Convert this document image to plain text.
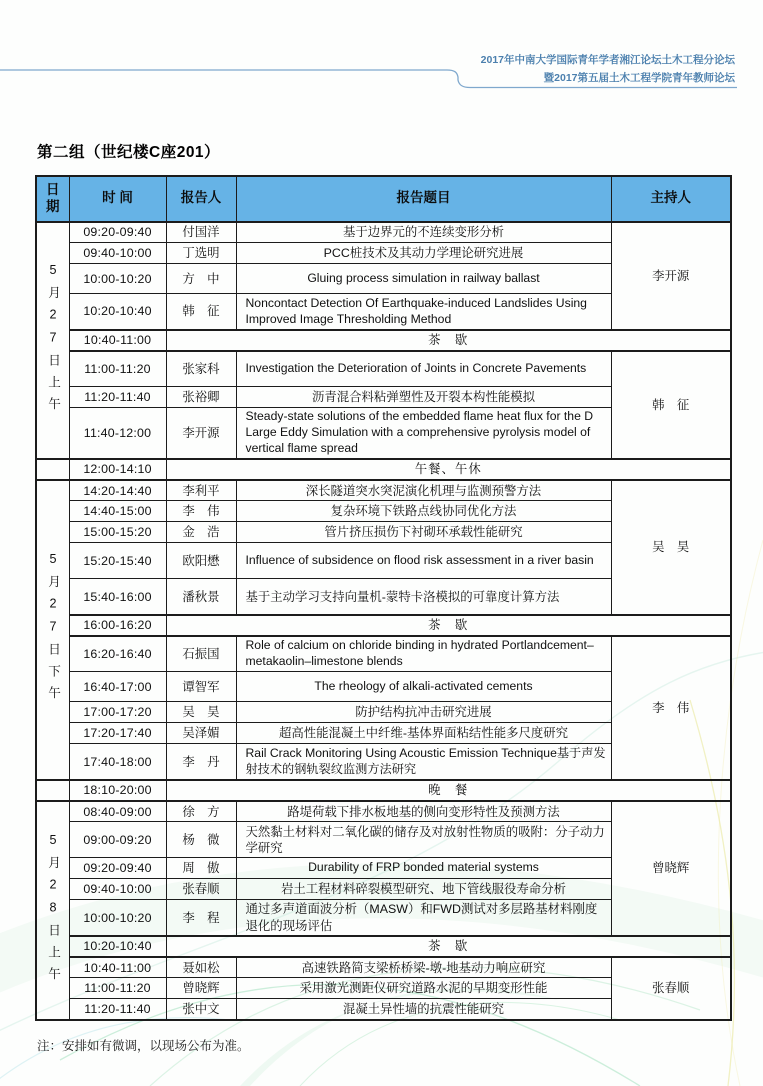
2017年中南大学国际青年学者湘江论坛土木工程分论坛
暨2017第五届土木工程学院青年教师论坛
第二组（世纪楼C座201）
日期	时 间	报告人	报告题目	主持人

5月27日上午	09:20-09:40	付国洋	基于边界元的不连续变形分析	李开源
	09:40-10:00	丁选明	PCC桩技术及其动力学理论研究进展	
	10:00-10:20	方　中	Gluing process simulation in railway ballast	
	10:20-10:40	韩　征	Noncontact Detection Of Earthquake-induced Landslides Using Improved Image Thresholding Method	
	10:40-11:00	茶　歇		
	11:00-11:20	张家科	Investigation the Deterioration of Joints in Concrete Pavements	韩　征
	11:20-11:40	张裕卿	沥青混合料粘弹塑性及开裂本构性能模拟	
	11:40-12:00	李开源	Steady-state solutions of the embedded flame heat flux for the D Large Eddy Simulation with a comprehensive pyrolysis model of vertical flame spread	
	12:00-14:10	午餐、午休		

5月27日下午	14:20-14:40	李利平	深长隧道突水突泥演化机理与监测预警方法	吴　昊
	14:40-15:00	李　伟	复杂环境下铁路点线协同优化方法	
	15:00-15:20	金　浩	管片挤压损伤下衬砌环承载性能研究	
	15:20-15:40	欧阳懋	Influence of subsidence on flood risk assessment in a river basin	
	15:40-16:00	潘秋景	基于主动学习支持向量机-蒙特卡洛模拟的可靠度计算方法	
	16:00-16:20	茶　歇		
	16:20-16:40	石振国	Role of calcium on chloride binding in hydrated Portlandcement–metakaolin–limestone blends	李　伟
	16:40-17:00	谭智军	The rheology of alkali-activated cements	
	17:00-17:20	吴　昊	防护结构抗冲击研究进展	
	17:20-17:40	吴泽媚	超高性能混凝土中纤维-基体界面粘结性能多尺度研究	
	17:40-18:00	李　丹	Rail Crack Monitoring Using Acoustic Emission Technique基于声发射技术的钢轨裂纹监测方法研究	
	18:10-20:00	晚　餐		

5月28日上午	08:40-09:00	徐　方	路堤荷载下排水板地基的侧向变形特性及预测方法	曾晓辉
	09:00-09:20	杨　微	天然黏土材料对二氧化碳的储存及对放射性物质的吸附：分子动力学研究	
	09:20-09:40	周　傲	Durability of FRP bonded material systems	
	09:40-10:00	张春顺	岩土工程材料碎裂模型研究、地下管线服役寿命分析	
	10:00-10:20	李　程	通过多声道面波分析（MASW）和FWD测试对多层路基材料刚度退化的现场评估	
	10:20-10:40	茶　歇		
	10:40-11:00	聂如松	高速铁路简支梁桥桥梁-墩-地基动力响应研究	张春顺
	11:00-11:20	曾晓辉	采用激光测距仪研究道路水泥的早期变形性能	
	11:20-11:40	张中文	混凝土异性墙的抗震性能研究	
注：安排如有微调，以现场公布为准。
